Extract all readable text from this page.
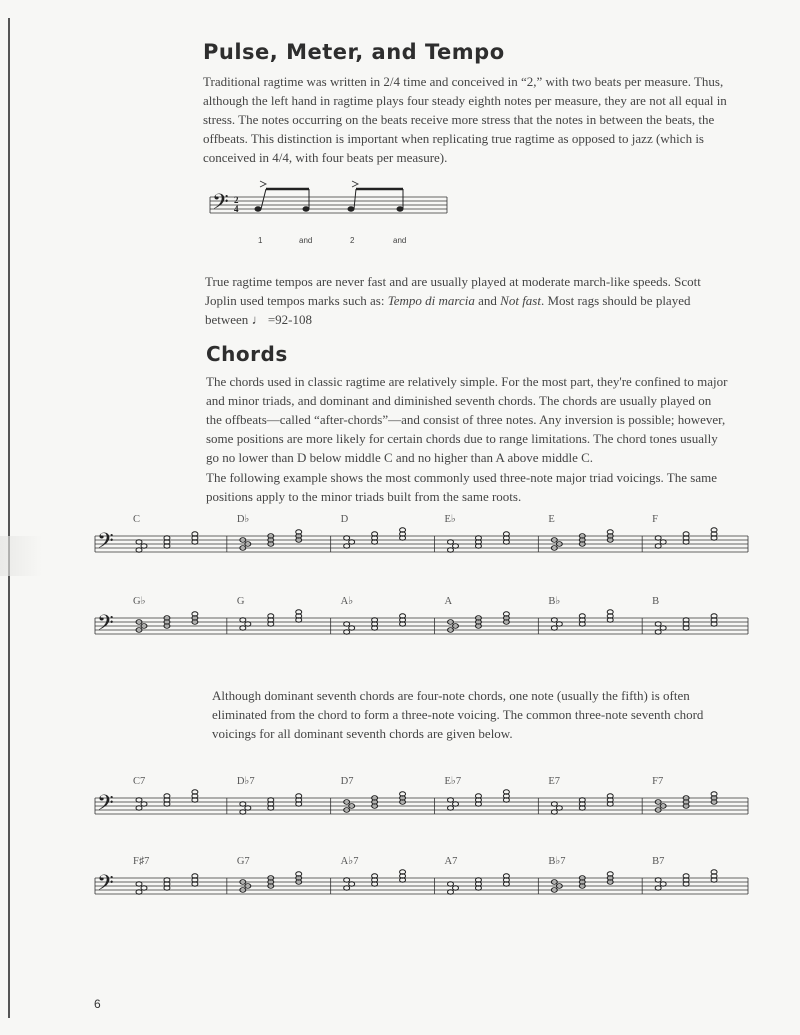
Pulse, Meter, and Tempo

Traditional ragtime was written in 2/4 time and conceived in “2,” with two beats per measure. Thus, although the left hand in ragtime plays four steady eighth notes per measure, they are not all equal in stress. The notes occurring on the beats receive more stress that the notes in between the beats, the offbeats. This distinction is important when replicating true ragtime as opposed to jazz (which is conceived in 4/4, with four beats per measure).

𝄢 2
4
1	and	2	and

True ragtime tempos are never fast and are usually played at moderate march-like speeds. Scott Joplin used tempos marks such as: Tempo di marcia and Not fast. Most rags should be played between ♩ =92-108

Chords

The chords used in classic ragtime are relatively simple. For the most part, they're confined to major and minor triads, and dominant and diminished seventh chords. The chords are usually played on the offbeats—called “after-chords”—and consist of three notes. Any inversion is possible; however, some positions are more likely for certain chords due to range limitations. The chord tones usually go no lower than D below middle C and no higher than A above middle C.

The following example shows the most commonly used three-note major triad voicings. The same positions apply to the minor triads built from the same roots.

𝄢
C	D♭	D	E♭	E	F
𝄢
G♭	G	A♭	A	B♭	B

Although dominant seventh chords are four-note chords, one note (usually the fifth) is often eliminated from the chord to form a three-note voicing. The common three-note seventh chord voicings for all dominant seventh chords are given below.

𝄢
C7	D♭7	D7	E♭7	E7	F7
𝄢
F♯7	G7	A♭7	A7	B♭7	B7
6
